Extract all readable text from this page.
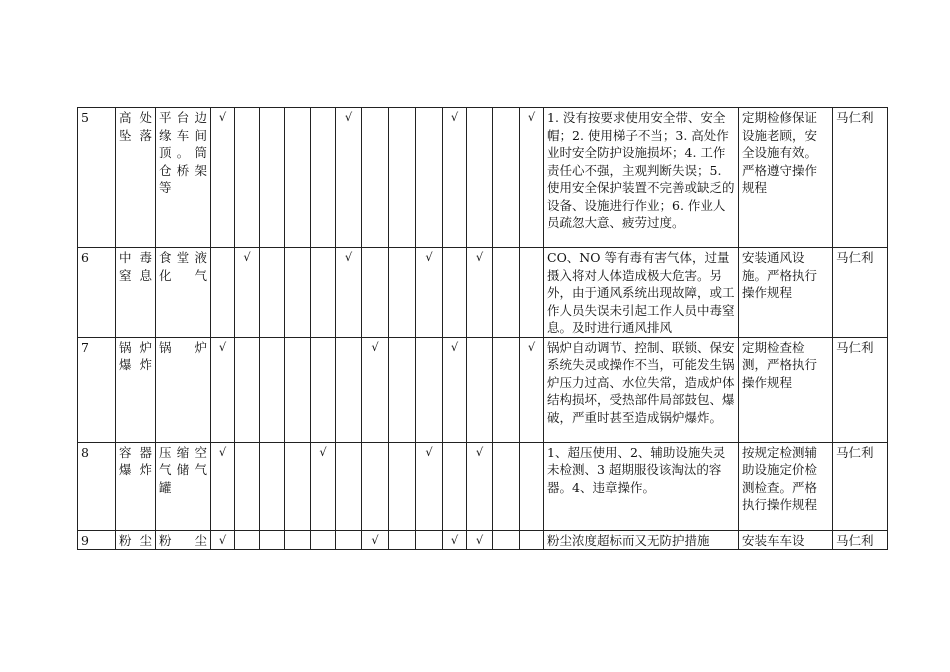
5	高处坠落	平台边缘车间顶。筒仓桥架等	√					√				√			√	1. 没有按要求使用安全带、安全帽；2. 使用梯子不当；3. 高处作业时安全防护设施损坏；4. 工作责任心不强，主观判断失误；5. 使用安全保护装置不完善或缺乏的设备、设施进行作业；6. 作业人员疏忽大意、疲劳过度。	定期检修保证设施老顾，安全设施有效。严格遵守操作规程	马仁利
6	中毒窒息	食堂液化气		√				√			√		√			CO、NO 等有毒有害气体，过量摄入将对人体造成极大危害。另外，由于通风系统出现故障，或工作人员失误未引起工作人员中毒窒息。及时进行通风排风	安装通风设施。严格执行操作规程	马仁利
7	锅炉爆炸	锅炉	√						√			√			√	锅炉自动调节、控制、联锁、保安系统失灵或操作不当，可能发生锅炉压力过高、水位失常，造成炉体结构损坏，受热部件局部鼓包、爆破，严重时甚至造成锅炉爆炸。	定期检查检测，严格执行操作规程	马仁利
8	容器爆炸	压缩空气储气罐	√				√				√		√			1、超压使用、2、辅助设施失灵未检测、3 超期服役该淘汰的容器。4、违章操作。	按规定检测辅助设施定价检测检查。严格执行操作规程	马仁利
9	粉尘	粉尘	√						√			√	√			粉尘浓度超标而又无防护措施	安装车车设	马仁利
